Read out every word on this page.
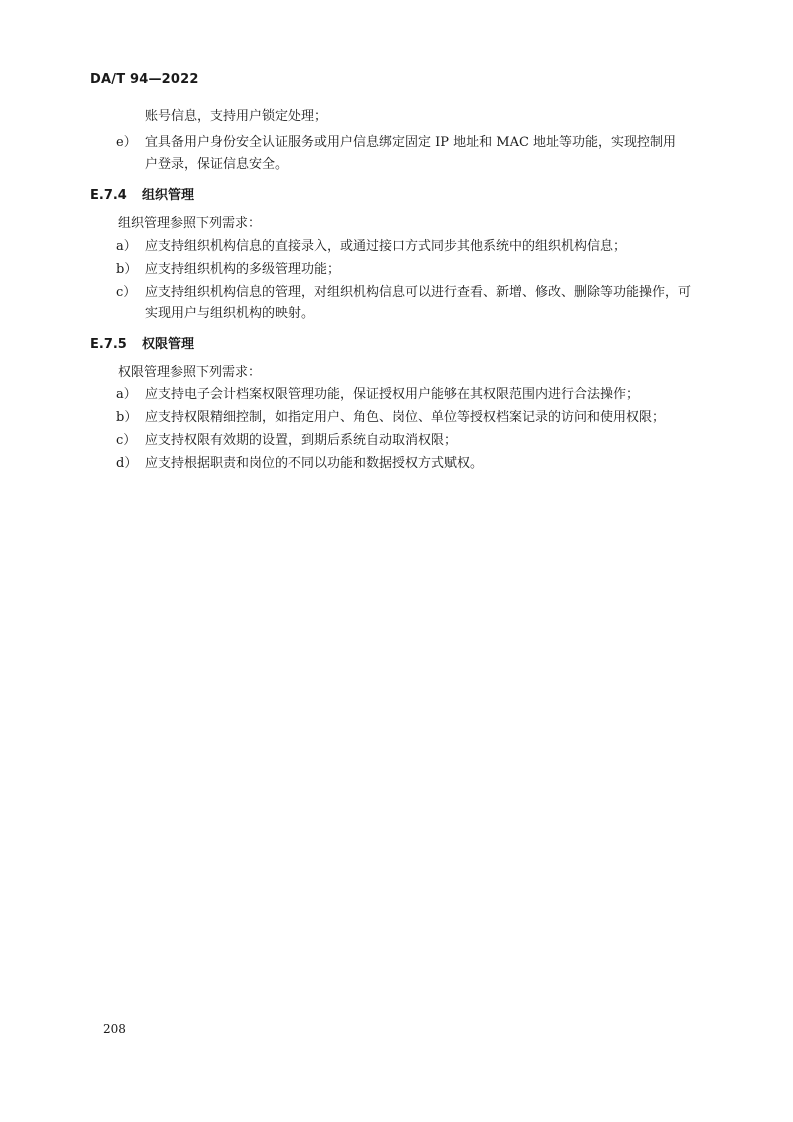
DA/T 94—2022
账号信息，支持用户锁定处理；
e） 宜具备用户身份安全认证服务或用户信息绑定固定 IP 地址和 MAC 地址等功能，实现控制用
户登录，保证信息安全。
E.7.4 组织管理
组织管理参照下列需求：
a） 应支持组织机构信息的直接录入，或通过接口方式同步其他系统中的组织机构信息；
b） 应支持组织机构的多级管理功能；
c） 应支持组织机构信息的管理，对组织机构信息可以进行查看、新增、修改、删除等功能操作，可
实现用户与组织机构的映射。
E.7.5 权限管理
权限管理参照下列需求：
a） 应支持电子会计档案权限管理功能，保证授权用户能够在其权限范围内进行合法操作；
b） 应支持权限精细控制，如指定用户、角色、岗位、单位等授权档案记录的访问和使用权限；
c） 应支持权限有效期的设置，到期后系统自动取消权限；
d） 应支持根据职责和岗位的不同以功能和数据授权方式赋权。
208
